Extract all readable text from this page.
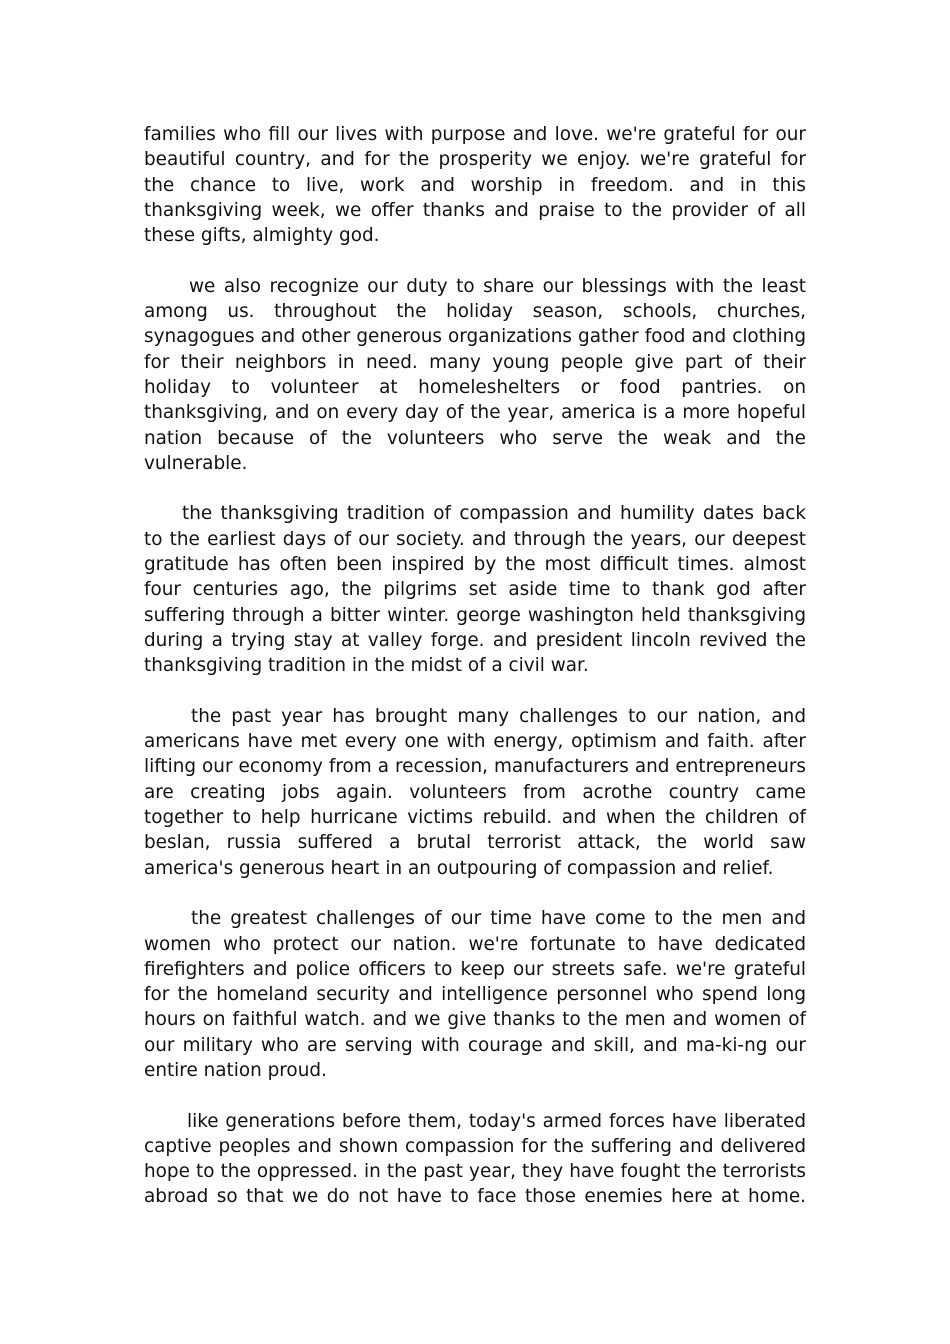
families who fill our lives with purpose and love. we're grateful for our beautiful country, and for the prosperity we enjoy. we're grateful for the chance to live, work and worship in freedom. and in this thanksgiving week, we offer thanks and praise to the provider of all these gifts, almighty god.

we also recognize our duty to share our blessings with the least among us. throughout the holiday season, schools, churches, synagogues and other generous organizations gather food and clothing for their neighbors in need. many young people give part of their holiday to volunteer at homeleshelters or food pantries. on thanksgiving, and on every day of the year, america is a more hopeful nation because of the volunteers who serve the weak and the vulnerable.

the thanksgiving tradition of compassion and humility dates back to the earliest days of our society. and through the years, our deepest gratitude has often been inspired by the most difficult times. almost four centuries ago, the pilgrims set aside time to thank god after suffering through a bitter winter. george washington held thanksgiving during a trying stay at valley forge. and president lincoln revived the thanksgiving tradition in the midst of a civil war.

the past year has brought many challenges to our nation, and americans have met every one with energy, optimism and faith. after lifting our economy from a recession, manufacturers and entrepreneurs are creating jobs again. volunteers from acrothe country came together to help hurricane victims rebuild. and when the children of beslan, russia suffered a brutal terrorist attack, the world saw america's generous heart in an outpouring of compassion and relief.

the greatest challenges of our time have come to the men and women who protect our nation. we're fortunate to have dedicated firefighters and police officers to keep our streets safe. we're grateful for the homeland security and intelligence personnel who spend long hours on faithful watch. and we give thanks to the men and women of our military who are serving with courage and skill, and ma-ki-ng our entire nation proud.

like generations before them, today's armed forces have liberated captive peoples and shown compassion for the suffering and delivered hope to the oppressed. in the past year, they have fought the terrorists abroad so that we do not have to face those enemies here at home.
